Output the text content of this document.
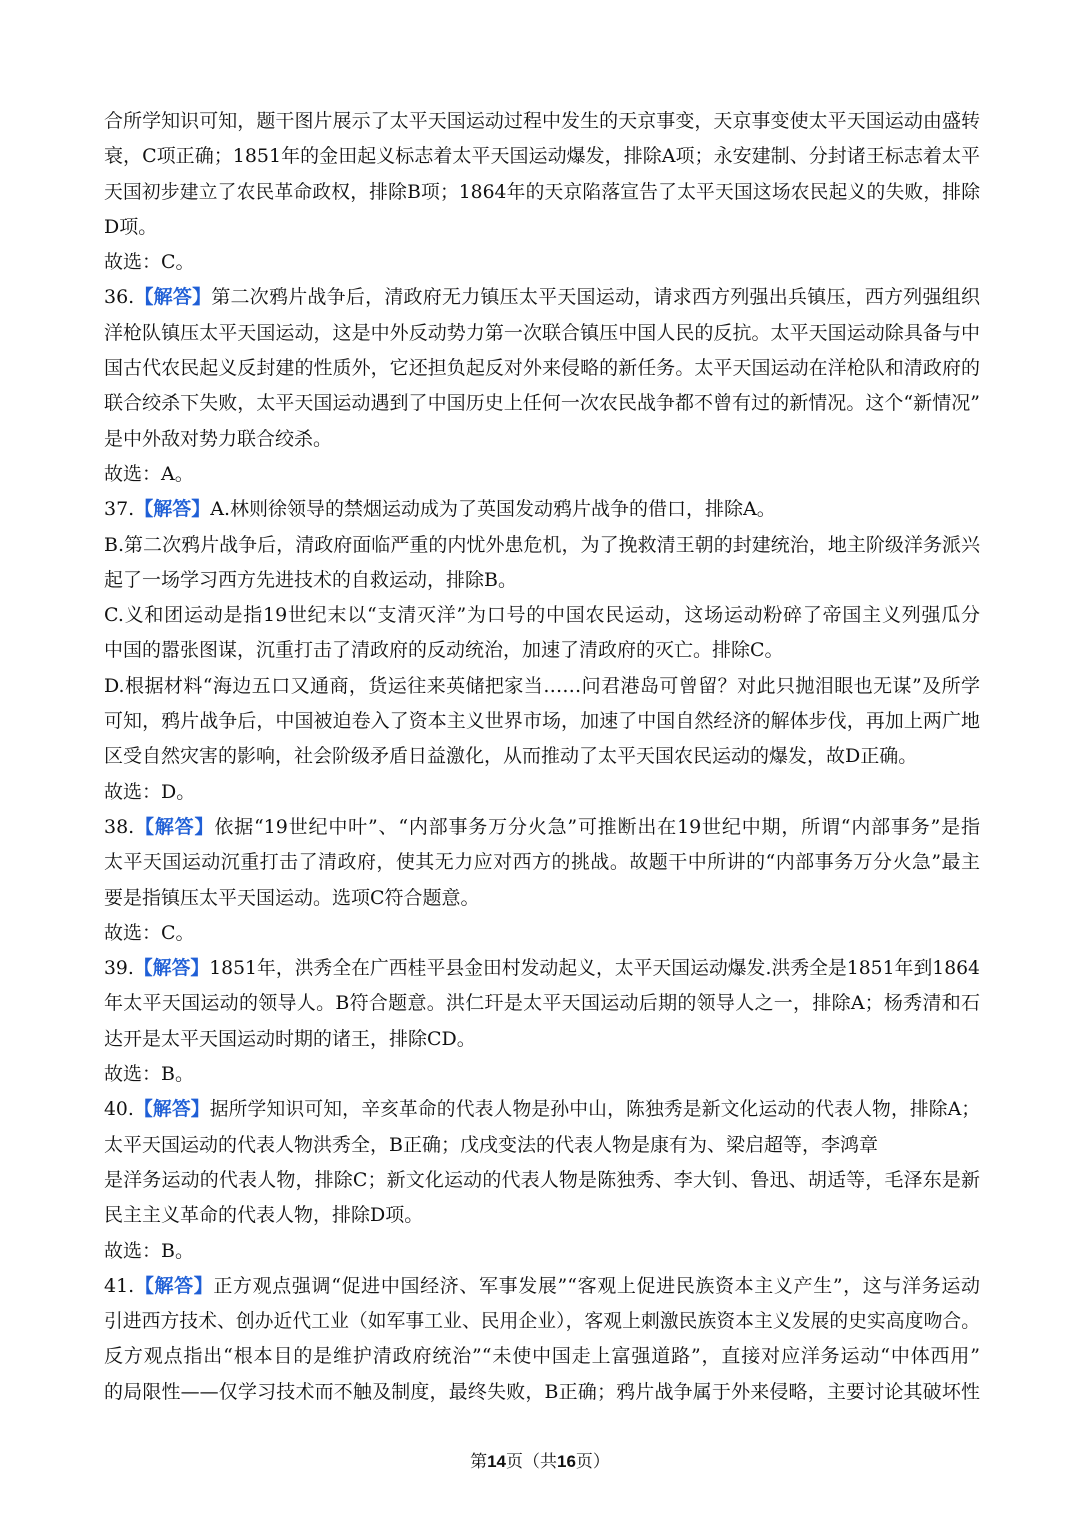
合所学知识可知，题干图片展示了太平天国运动过程中发生的天京事变，天京事变使太平天国运动由盛转
衰，C项正确；1851年的金田起义标志着太平天国运动爆发，排除A项；永安建制、分封诸王标志着太平
天国初步建立了农民革命政权，排除B项；1864年的天京陷落宣告了太平天国这场农民起义的失败，排除
D项。
故选：C。
36.【解答】第二次鸦片战争后，清政府无力镇压太平天国运动，请求西方列强出兵镇压，西方列强组织
洋枪队镇压太平天国运动，这是中外反动势力第一次联合镇压中国人民的反抗。太平天国运动除具备与中
国古代农民起义反封建的性质外，它还担负起反对外来侵略的新任务。太平天国运动在洋枪队和清政府的
联合绞杀下失败，太平天国运动遇到了中国历史上任何一次农民战争都不曾有过的新情况。这个“新情况”
是中外敌对势力联合绞杀。
故选：A。
37.【解答】A.林则徐领导的禁烟运动成为了英国发动鸦片战争的借口，排除A。
B.第二次鸦片战争后，清政府面临严重的内忧外患危机，为了挽救清王朝的封建统治，地主阶级洋务派兴
起了一场学习西方先进技术的自救运动，排除B。
C.义和团运动是指19世纪末以“支清灭洋”为口号的中国农民运动，这场运动粉碎了帝国主义列强瓜分
中国的嚣张图谋，沉重打击了清政府的反动统治，加速了清政府的灭亡。排除C。
D.根据材料“海边五口又通商，货运往来英储把家当……问君港岛可曾留？对此只抛泪眼也无谋”及所学
可知，鸦片战争后，中国被迫卷入了资本主义世界市场，加速了中国自然经济的解体步伐，再加上两广地
区受自然灾害的影响，社会阶级矛盾日益激化，从而推动了太平天国农民运动的爆发，故D正确。
故选：D。
38.【解答】依据“19世纪中叶”、“内部事务万分火急”可推断出在19世纪中期，所谓“内部事务”是指
太平天国运动沉重打击了清政府，使其无力应对西方的挑战。故题干中所讲的“内部事务万分火急”最主
要是指镇压太平天国运动。选项C符合题意。
故选：C。
39.【解答】1851年，洪秀全在广西桂平县金田村发动起义，太平天国运动爆发.洪秀全是1851年到1864
年太平天国运动的领导人。B符合题意。洪仁玕是太平天国运动后期的领导人之一，排除A；杨秀清和石
达开是太平天国运动时期的诸王，排除CD。
故选：B。
40.【解答】据所学知识可知，辛亥革命的代表人物是孙中山，陈独秀是新文化运动的代表人物，排除A；
太平天国运动的代表人物洪秀全，B正确；戊戌变法的代表人物是康有为、梁启超等，李鸿章
是洋务运动的代表人物，排除C；新文化运动的代表人物是陈独秀、李大钊、鲁迅、胡适等，毛泽东是新
民主主义革命的代表人物，排除D项。
故选：B。
41.【解答】正方观点强调“促进中国经济、军事发展”“客观上促进民族资本主义产生”，这与洋务运动
引进西方技术、创办近代工业（如军事工业、民用企业），客观上刺激民族资本主义发展的史实高度吻合。
反方观点指出“根本目的是维护清政府统治”“未使中国走上富强道路”，直接对应洋务运动“中体西用”
的局限性——仅学习技术而不触及制度，最终失败，B正确；鸦片战争属于外来侵略，主要讨论其破坏性
第14页（共16页）
